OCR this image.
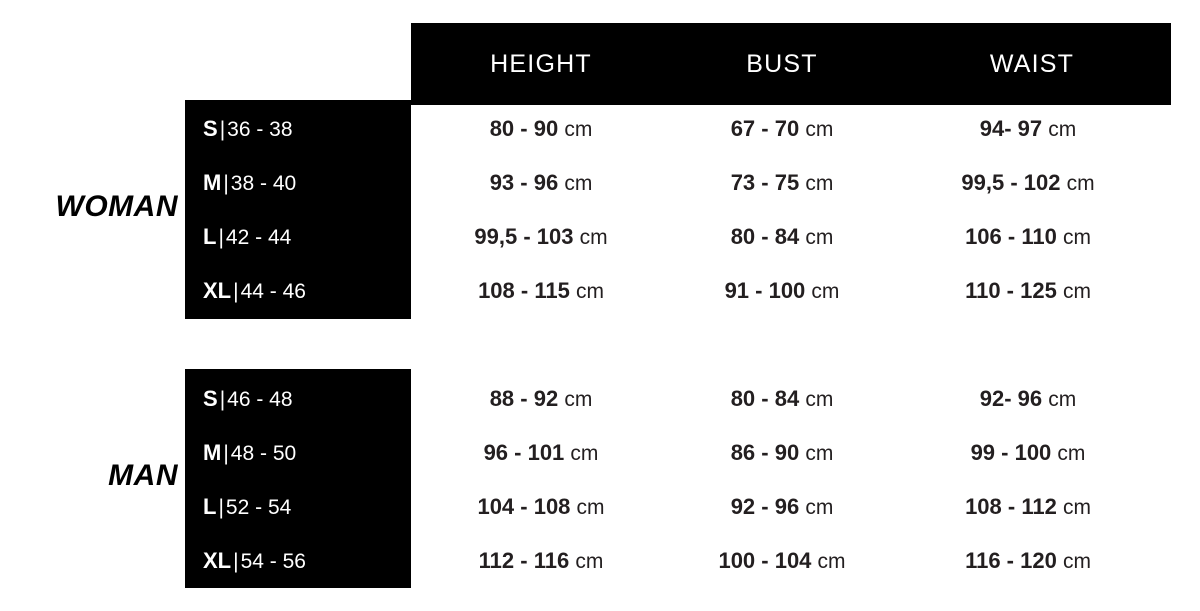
HEIGHT	BUST	WAIST
WOMAN
S|36 - 38	80 - 90 cm	67 - 70 cm	94- 97 cm
M|38 - 40	93 - 96 cm	73 - 75 cm	99,5 - 102 cm
L|42 - 44	99,5 - 103 cm	80 - 84 cm	106 - 110 cm
XL|44 - 46	108 - 115 cm	91 - 100 cm	110 - 125 cm
MAN
S|46 - 48	88 - 92 cm	80 - 84 cm	92- 96 cm
M|48 - 50	96 - 101 cm	86 - 90 cm	99 - 100 cm
L|52 - 54	104 - 108 cm	92 - 96 cm	108 - 112 cm
XL|54 - 56	112 - 116 cm	100 - 104 cm	116 - 120 cm
